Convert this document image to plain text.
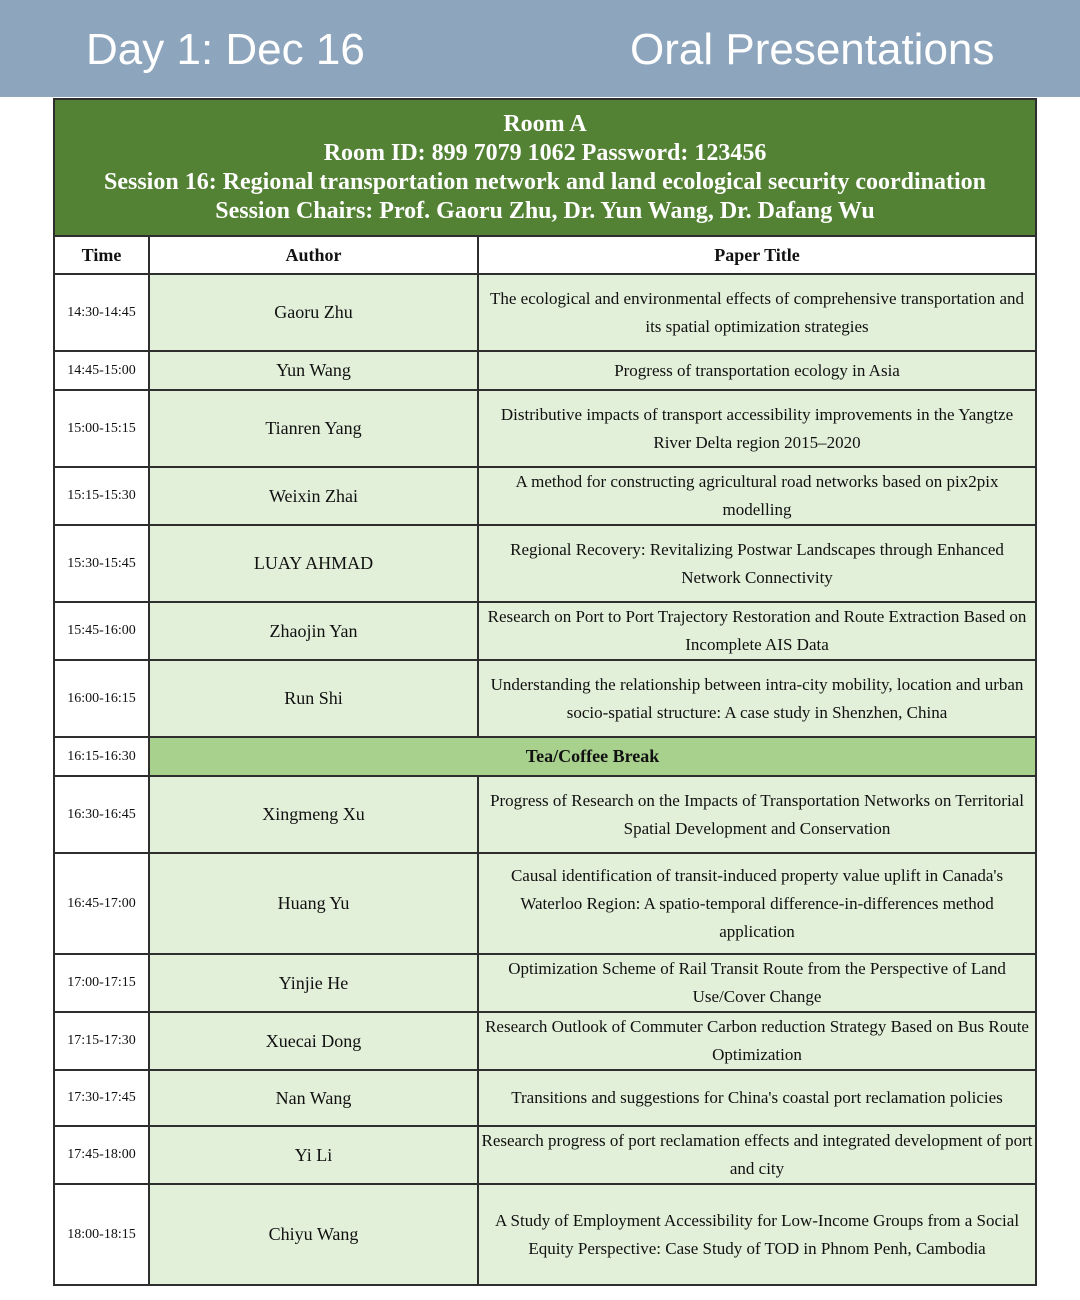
Day 1: Dec 16	Oral Presentations
Room A
Room ID: 899 7079 1062 Password: 123456
Session 16: Regional transportation network and land ecological security coordination
Session Chairs: Prof. Gaoru Zhu, Dr. Yun Wang, Dr. Dafang Wu		

Time	Author	Paper Title
14:30-14:45	Gaoru Zhu	The ecological and environmental effects of comprehensive transportation and its spatial optimization strategies
14:45-15:00	Yun Wang	Progress of transportation ecology in Asia
15:00-15:15	Tianren Yang	Distributive impacts of transport accessibility improvements in the Yangtze River Delta region 2015–2020
15:15-15:30	Weixin Zhai	A method for constructing agricultural road networks based on pix2pix modelling
15:30-15:45	LUAY AHMAD	Regional Recovery: Revitalizing Postwar Landscapes through Enhanced Network Connectivity
15:45-16:00	Zhaojin Yan	Research on Port to Port Trajectory Restoration and Route Extraction Based on Incomplete AIS Data
16:00-16:15	Run Shi	Understanding the relationship between intra-city mobility, location and urban socio-spatial structure: A case study in Shenzhen, China
16:15-16:30	Tea/Coffee Break	
16:30-16:45	Xingmeng Xu	Progress of Research on the Impacts of Transportation Networks on Territorial Spatial Development and Conservation
16:45-17:00	Huang Yu	Causal identification of transit-induced property value uplift in Canada's Waterloo Region: A spatio-temporal difference-in-differences method application
17:00-17:15	Yinjie He	Optimization Scheme of Rail Transit Route from the Perspective of Land Use/Cover Change
17:15-17:30	Xuecai Dong	Research Outlook of Commuter Carbon reduction Strategy Based on Bus Route Optimization
17:30-17:45	Nan Wang	Transitions and suggestions for China's coastal port reclamation policies
17:45-18:00	Yi Li	Research progress of port reclamation effects and integrated development of port and city
18:00-18:15	Chiyu Wang	A Study of Employment Accessibility for Low-Income Groups from a Social Equity Perspective: Case Study of TOD in Phnom Penh, Cambodia
